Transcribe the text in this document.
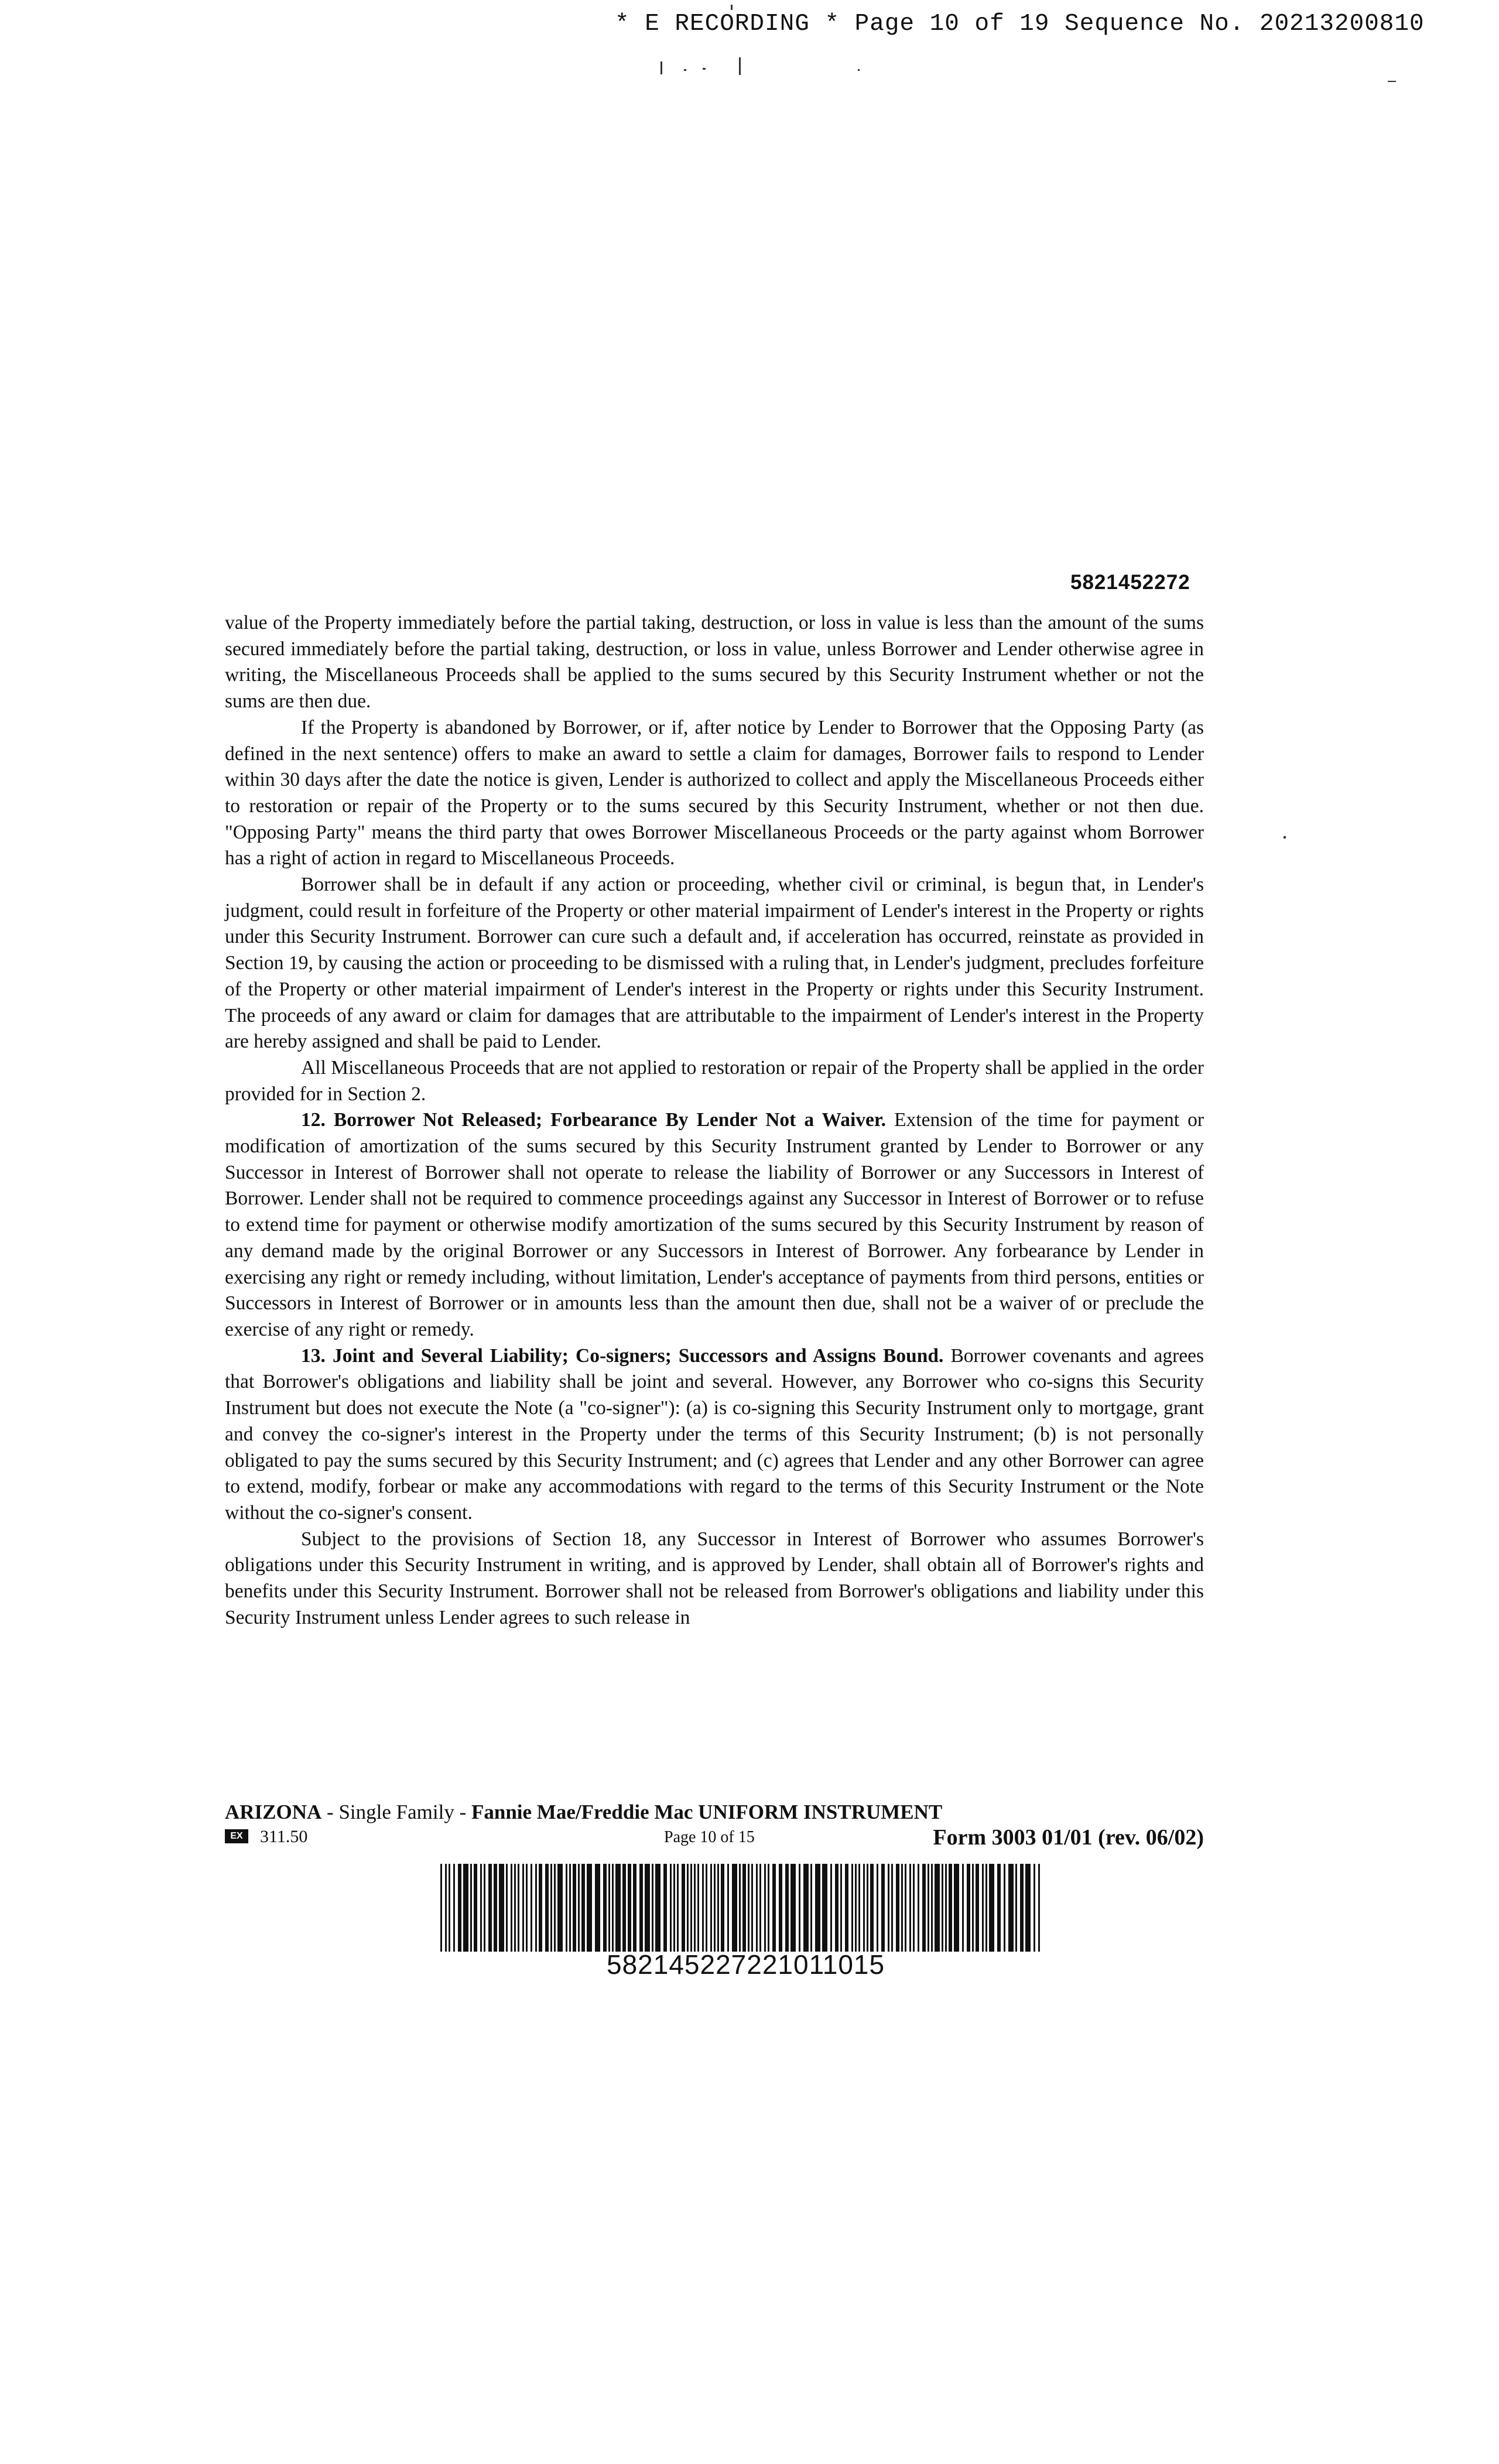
* E RECORDING * Page 10 of 19 Sequence No. 20213200810
5821452272

value of the Property immediately before the partial taking, destruction, or loss in value is less than the amount of the sums secured immediately before the partial taking, destruction, or loss in value, unless Borrower and Lender otherwise agree in writing, the Miscellaneous Proceeds shall be applied to the sums secured by this Security Instrument whether or not the sums are then due.

If the Property is abandoned by Borrower, or if, after notice by Lender to Borrower that the Opposing Party (as defined in the next sentence) offers to make an award to settle a claim for damages, Borrower fails to respond to Lender within 30 days after the date the notice is given, Lender is authorized to collect and apply the Miscellaneous Proceeds either to restoration or repair of the Property or to the sums secured by this Security Instrument, whether or not then due. "Opposing Party" means the third party that owes Borrower Miscellaneous Proceeds or the party against whom Borrower has a right of action in regard to Miscellaneous Proceeds.

Borrower shall be in default if any action or proceeding, whether civil or criminal, is begun that, in Lender's judgment, could result in forfeiture of the Property or other material impairment of Lender's interest in the Property or rights under this Security Instrument. Borrower can cure such a default and, if acceleration has occurred, reinstate as provided in Section 19, by causing the action or proceeding to be dismissed with a ruling that, in Lender's judgment, precludes forfeiture of the Property or other material impairment of Lender's interest in the Property or rights under this Security Instrument. The proceeds of any award or claim for damages that are attributable to the impairment of Lender's interest in the Property are hereby assigned and shall be paid to Lender.

All Miscellaneous Proceeds that are not applied to restoration or repair of the Property shall be applied in the order provided for in Section 2.

12. Borrower Not Released; Forbearance By Lender Not a Waiver. Extension of the time for payment or modification of amortization of the sums secured by this Security Instrument granted by Lender to Borrower or any Successor in Interest of Borrower shall not operate to release the liability of Borrower or any Successors in Interest of Borrower. Lender shall not be required to commence proceedings against any Successor in Interest of Borrower or to refuse to extend time for payment or otherwise modify amortization of the sums secured by this Security Instrument by reason of any demand made by the original Borrower or any Successors in Interest of Borrower. Any forbearance by Lender in exercising any right or remedy including, without limitation, Lender's acceptance of payments from third persons, entities or Successors in Interest of Borrower or in amounts less than the amount then due, shall not be a waiver of or preclude the exercise of any right or remedy.

13. Joint and Several Liability; Co-signers; Successors and Assigns Bound. Borrower covenants and agrees that Borrower's obligations and liability shall be joint and several. However, any Borrower who co-signs this Security Instrument but does not execute the Note (a "co-signer"): (a) is co-signing this Security Instrument only to mortgage, grant and convey the co-signer's interest in the Property under the terms of this Security Instrument; (b) is not personally obligated to pay the sums secured by this Security Instrument; and (c) agrees that Lender and any other Borrower can agree to extend, modify, forbear or make any accommodations with regard to the terms of this Security Instrument or the Note without the co-signer's consent.

Subject to the provisions of Section 18, any Successor in Interest of Borrower who assumes Borrower's obligations under this Security Instrument in writing, and is approved by Lender, shall obtain all of Borrower's rights and benefits under this Security Instrument. Borrower shall not be released from Borrower's obligations and liability under this Security Instrument unless Lender agrees to such release in

ARIZONA - Single Family - Fannie Mae/Freddie Mac UNIFORM INSTRUMENT
EX 311.50	Page 10 of 15	Form 3003 01/01 (rev. 06/02)
582145227221011015
